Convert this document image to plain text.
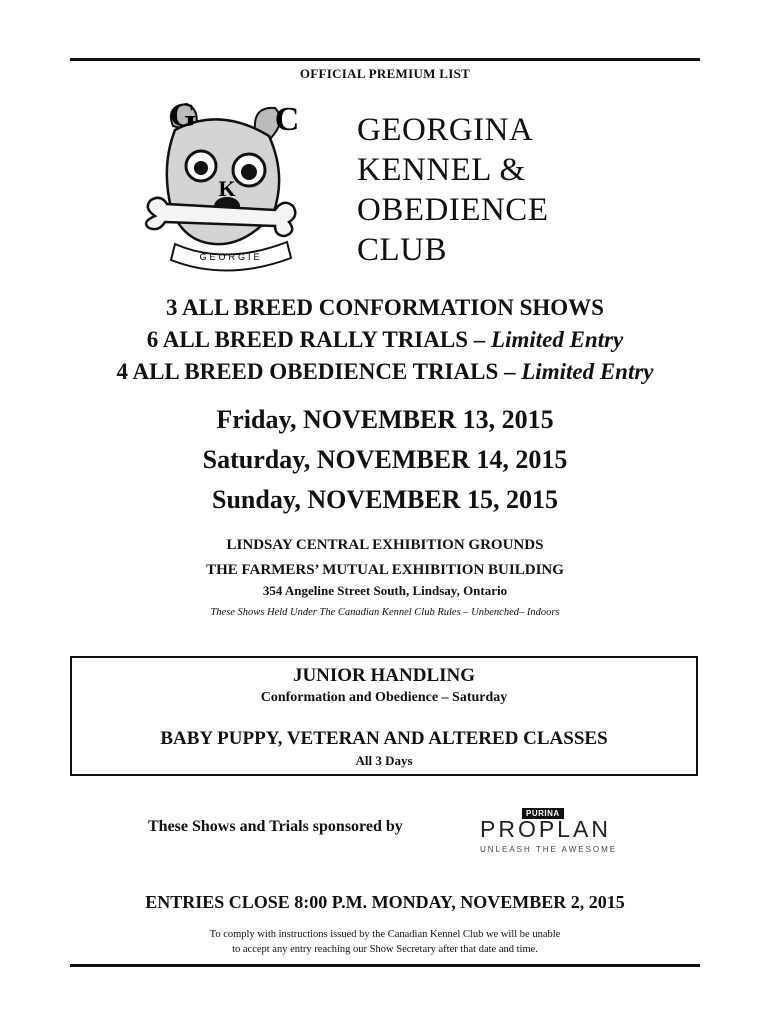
OFFICIAL PREMIUM LIST
GEORGIE
G
K
C GEORGINA
KENNEL &
OBEDIENCE
CLUB
3 ALL BREED CONFORMATION SHOWS
6 ALL BREED RALLY TRIALS – Limited Entry
4 ALL BREED OBEDIENCE TRIALS – Limited Entry
Friday, NOVEMBER 13, 2015
Saturday, NOVEMBER 14, 2015
Sunday, NOVEMBER 15, 2015
LINDSAY CENTRAL EXHIBITION GROUNDS
THE FARMERS’ MUTUAL EXHIBITION BUILDING
354 Angeline Street South, Lindsay, Ontario
These Shows Held Under The Canadian Kennel Club Rules – Unbenched– Indoors
JUNIOR HANDLING
Conformation and Obedience – Saturday
BABY PUPPY, VETERAN AND ALTERED CLASSES
All 3 Days
These Shows and Trials sponsored by
PURINA
PROPLAN
UNLEASH THE AWESOME
ENTRIES CLOSE 8:00 P.M. MONDAY, NOVEMBER 2, 2015
To comply with instructions issued by the Canadian Kennel Club we will be unable
to accept any entry reaching our Show Secretary after that date and time.
